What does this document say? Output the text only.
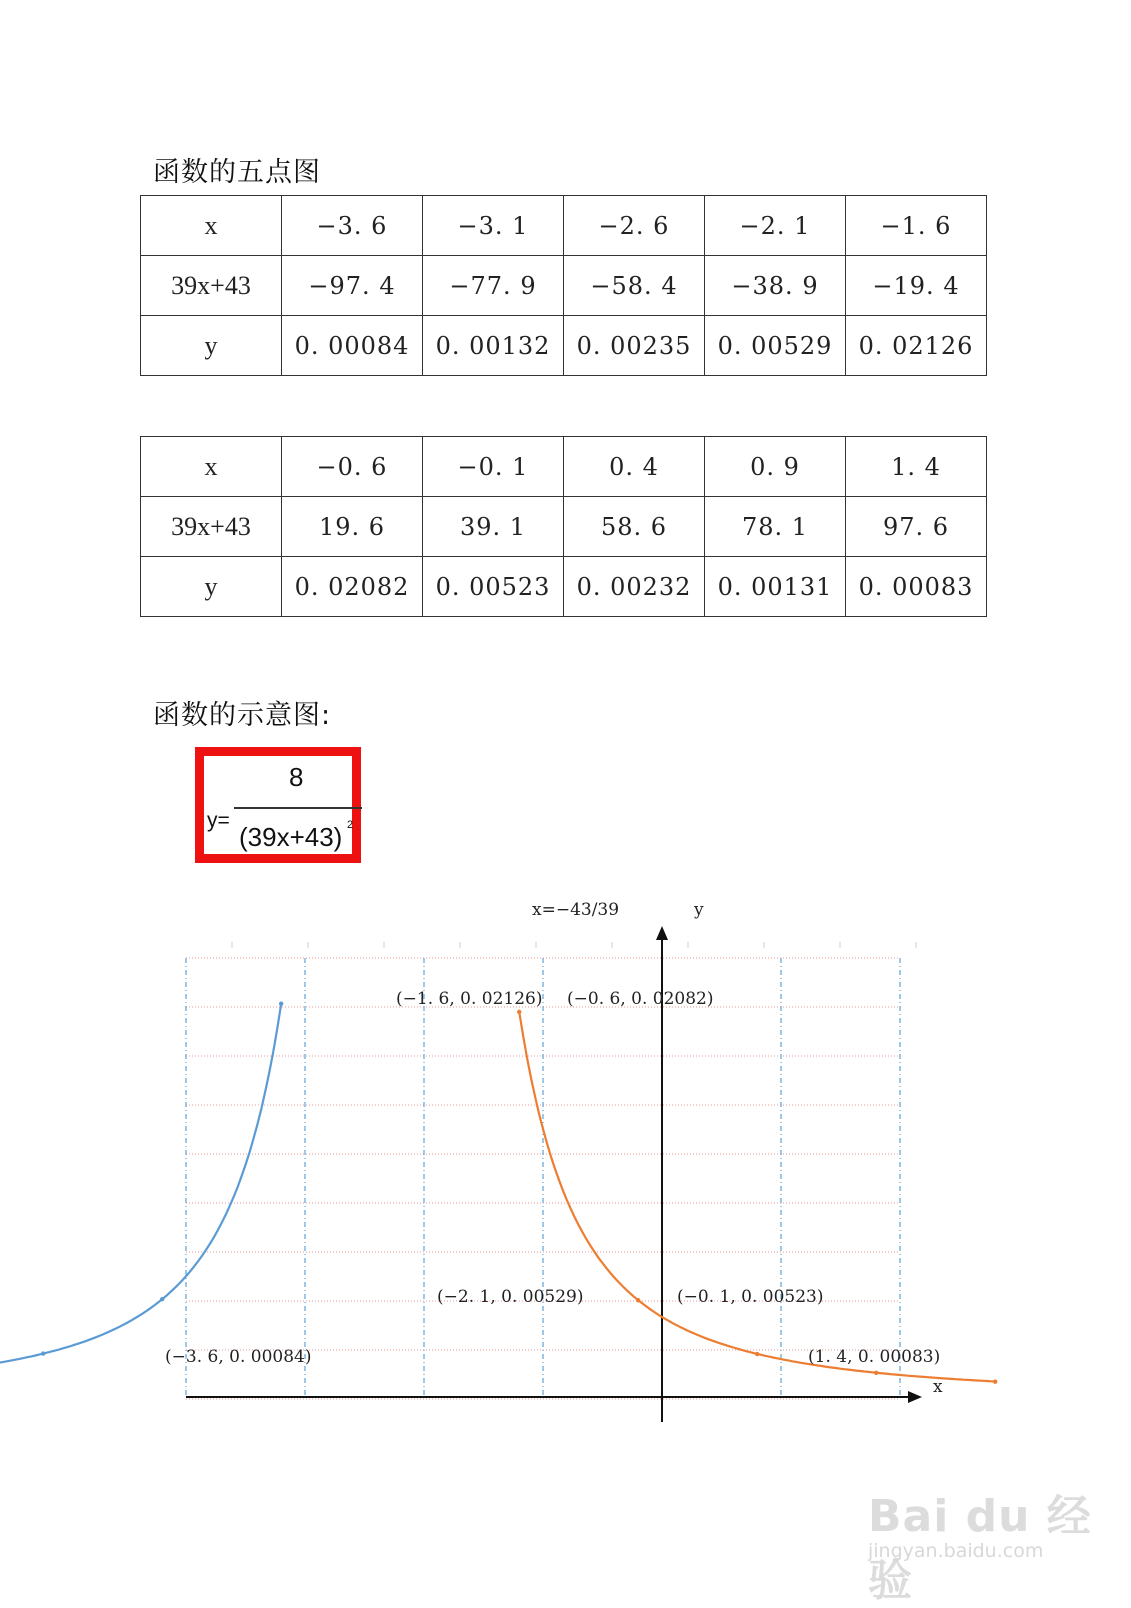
函数的五点图
x	−3. 6	−3. 1	−2. 6	−2. 1	−1. 6
39x+43	−97. 4	−77. 9	−58. 4	−38. 9	−19. 4
y	0. 00084	0. 00132	0. 00235	0. 00529	0. 02126
x	−0. 6	−0. 1	0. 4	0. 9	1. 4
39x+43	19. 6	39. 1	58. 6	78. 1	97. 6
y	0. 02082	0. 00523	0. 00232	0. 00131	0. 00083
函数的示意图:
8
y=
(39x+43) 2
x=−43/39	y
x
(−3. 6, 0. 00084)
(−2. 1, 0. 00529)
(−1. 6, 0. 02126) (−0. 6, 0. 02082)
(−0. 1, 0. 00523)
(1. 4, 0. 00083)
Bai du 经验
jingyan.baidu.com
